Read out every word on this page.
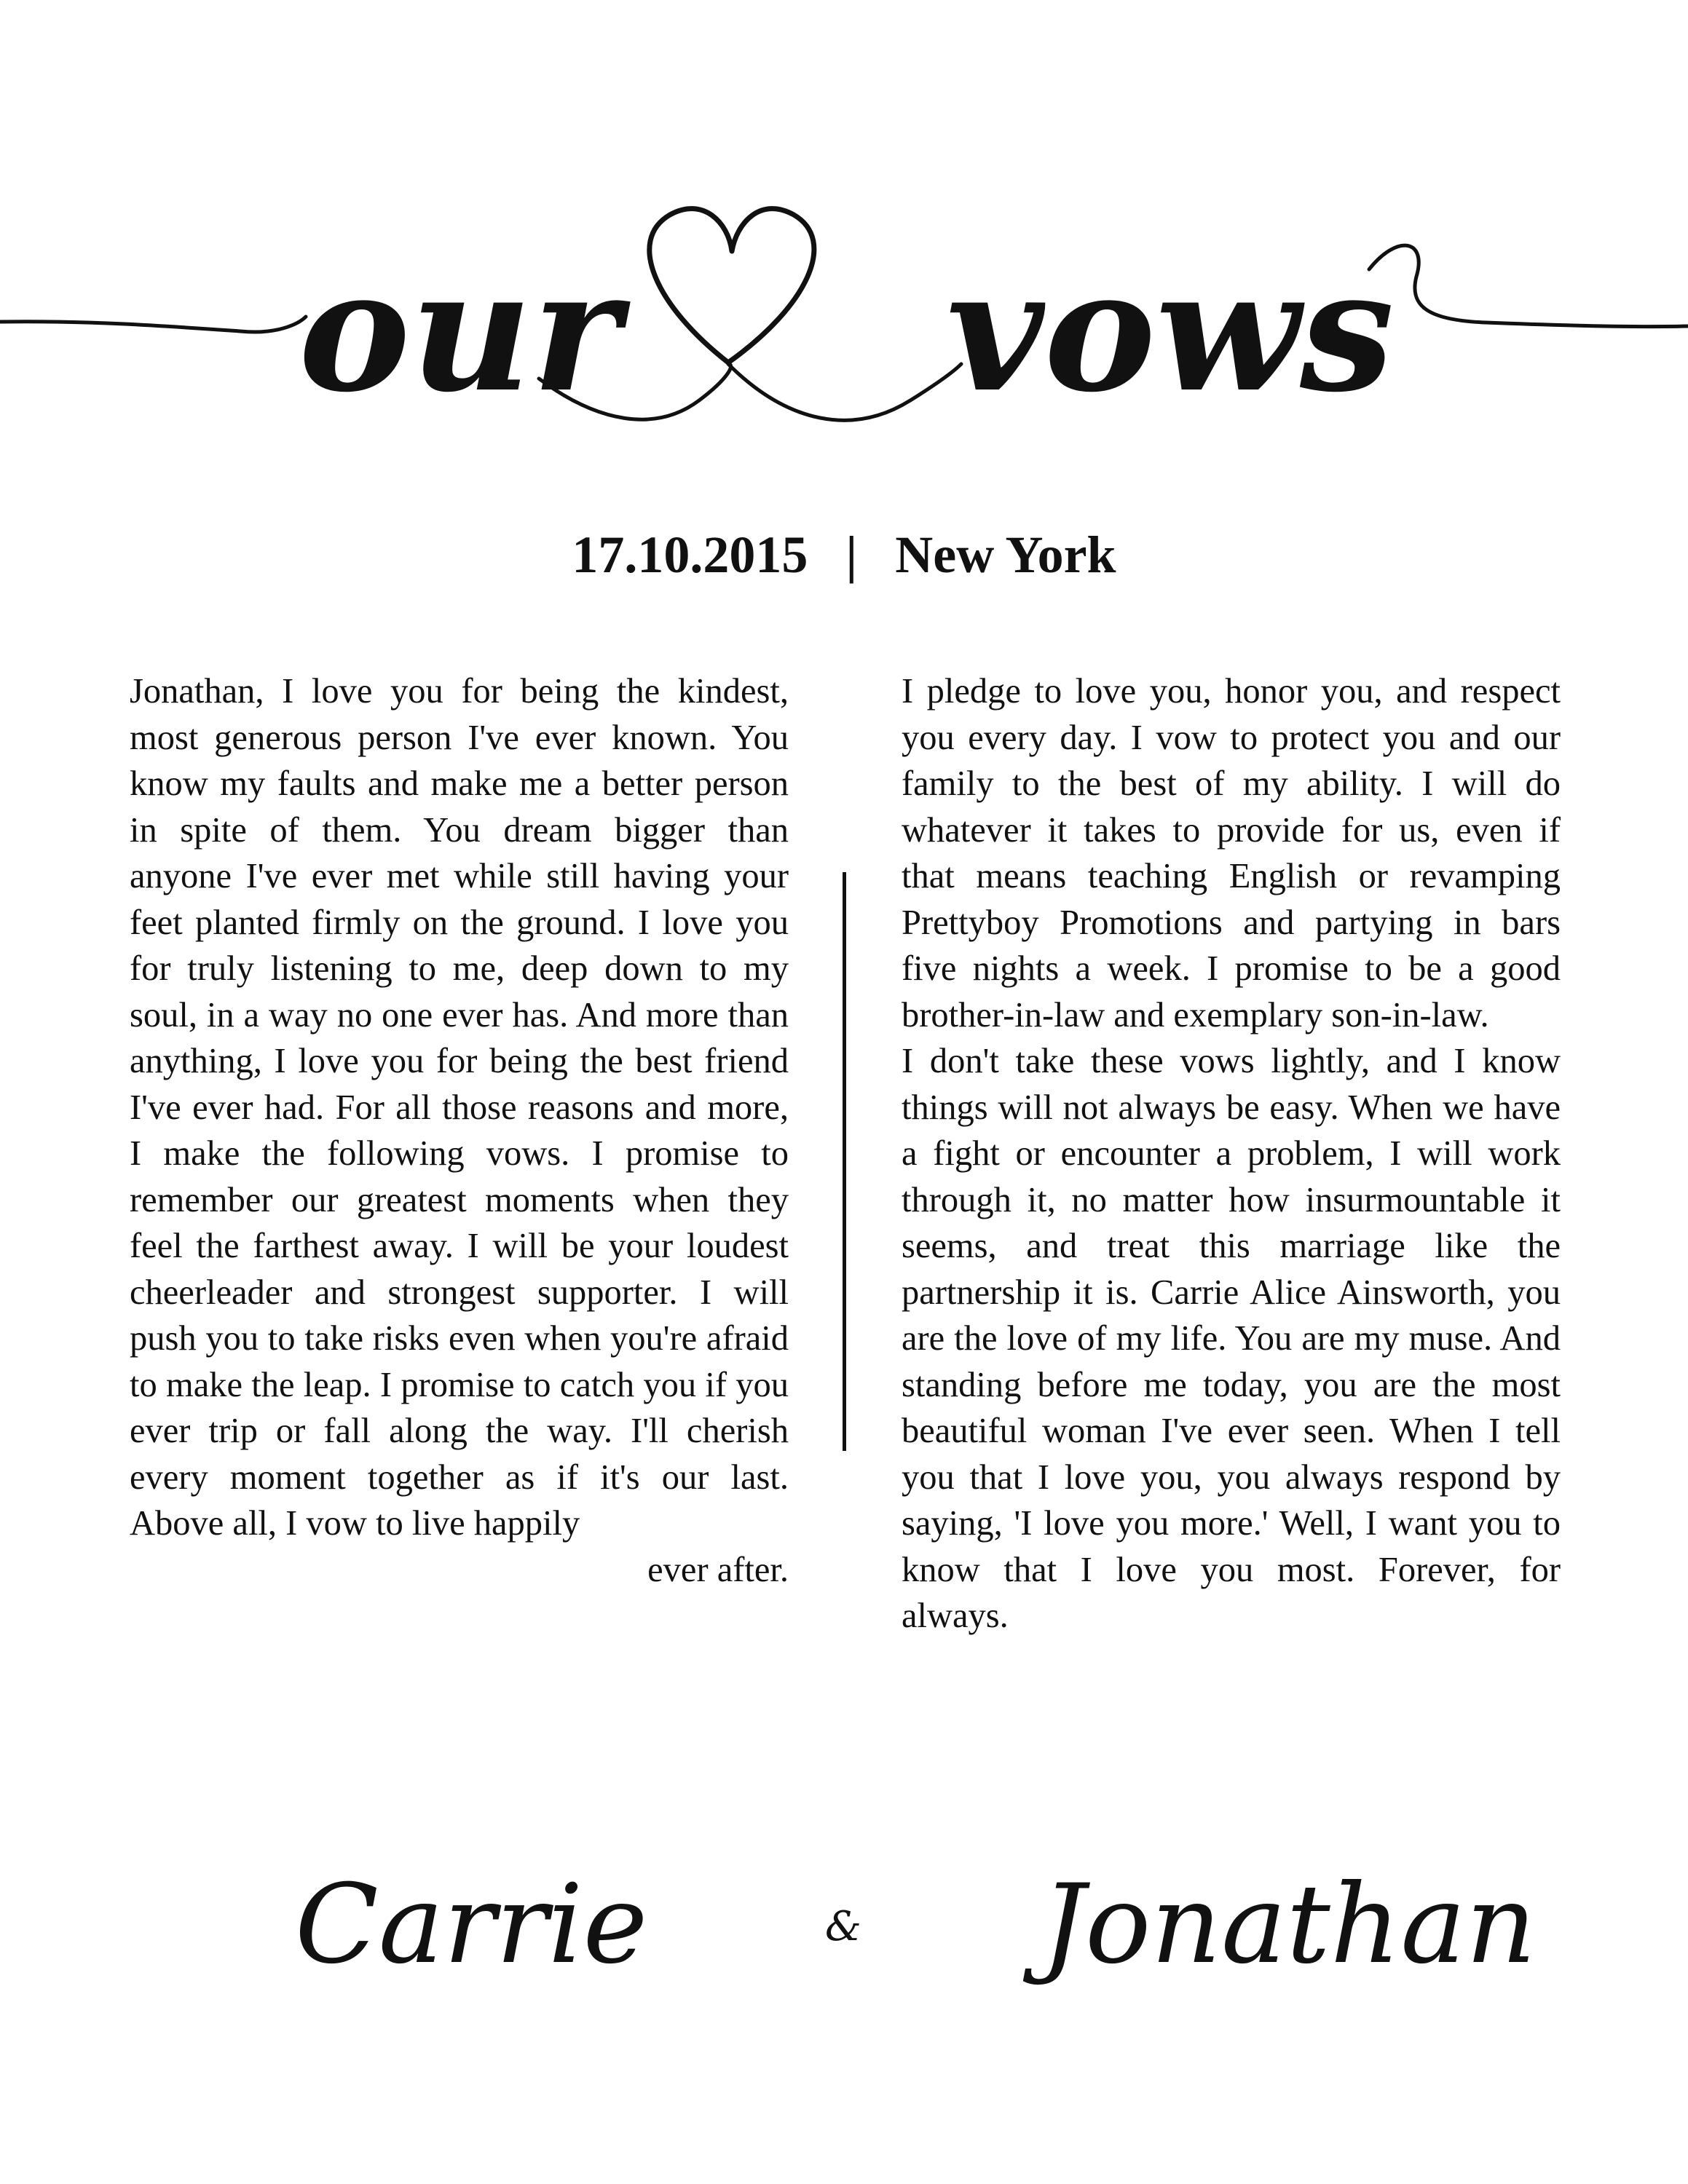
our vows
17.10.2015 | New York

Jonathan, I love you for being the kindest, most generous person I've ever known. You know my faults and make me a better person in spite of them. You dream bigger than anyone I've ever met while still having your feet planted firmly on the ground. I love you for truly listening to me, deep down to my soul, in a way no one ever has. And more than anything, I love you for being the best friend I've ever had. For all those reasons and more, I make the following vows. I promise to remember our greatest moments when they feel the farthest away. I will be your loudest cheerleader and strongest supporter. I will push you to take risks even when you're afraid to make the leap. I promise to catch you if you ever trip or fall along the way. I'll cherish every moment together as if it's our last. Above all, I vow to live happily

ever after.

I pledge to love you, honor you, and respect you every day. I vow to protect you and our family to the best of my ability. I will do whatever it takes to provide for us, even if that means teaching English or revamping Prettyboy Promotions and partying in bars five nights a week. I promise to be a good brother-in-law and exemplary son-in-law.

I don't take these vows lightly, and I know things will not always be easy. When we have a fight or encounter a problem, I will work through it, no matter how insurmountable it seems, and treat this marriage like the partnership it is. Carrie Alice Ainsworth, you are the love of my life. You are my muse. And standing before me today, you are the most beautiful woman I've ever seen. When I tell you that I love you, you always respond by saying, 'I love you more.' Well, I want you to know that I love you most. Forever, for always.

Carrie	& Jonathan
